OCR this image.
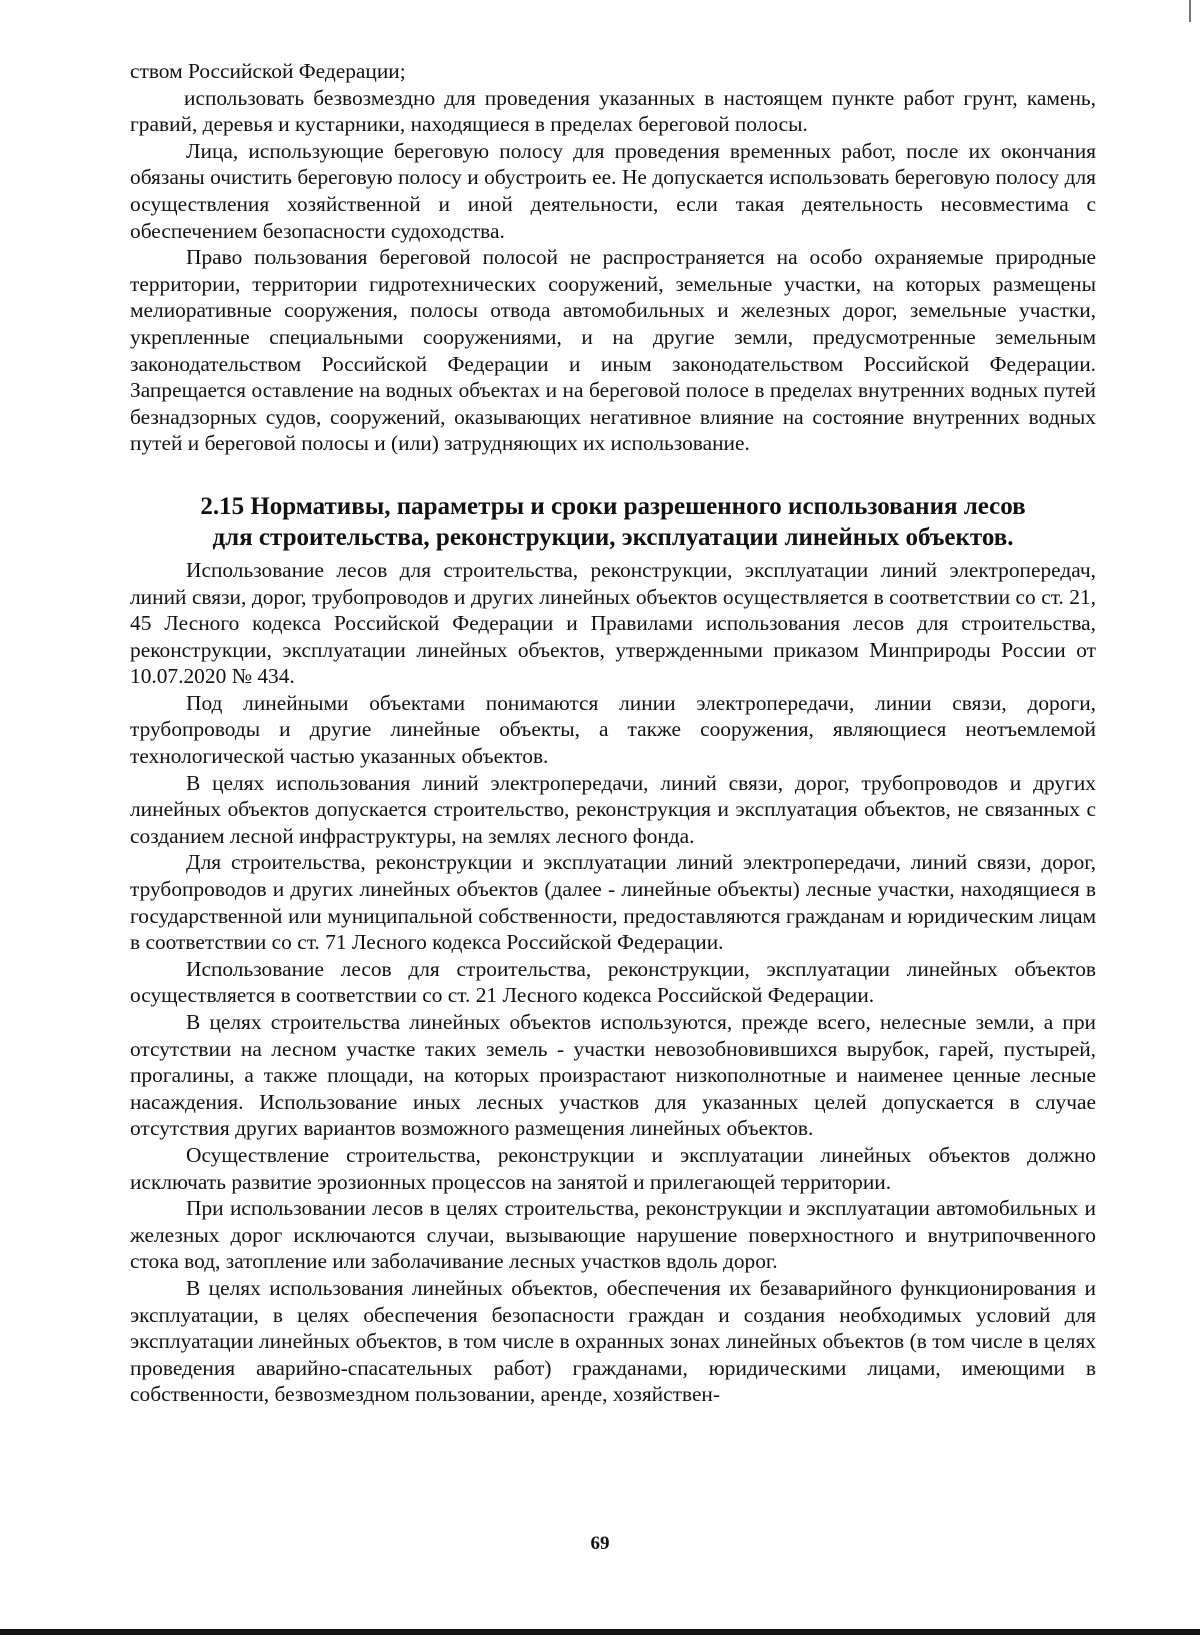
ством Российской Федерации;

использовать безвозмездно для проведения указанных в настоящем пункте работ грунт, камень, гравий, деревья и кустарники, находящиеся в пределах береговой полосы.

Лица, использующие береговую полосу для проведения временных работ, после их окончания обязаны очистить береговую полосу и обустроить ее. Не допускается использовать береговую полосу для осуществления хозяйственной и иной деятельности, если такая деятельность несовместима с обеспечением безопасности судоходства.

Право пользования береговой полосой не распространяется на особо охраняемые природные территории, территории гидротехнических сооружений, земельные участки, на которых размещены мелиоративные сооружения, полосы отвода автомобильных и железных дорог, земельные участки, укрепленные специальными сооружениями, и на другие земли, предусмотренные земельным законодательством Российской Федерации и иным законодательством Российской Федерации. Запрещается оставление на водных объектах и на береговой полосе в пределах внутренних водных путей безнадзорных судов, сооружений, оказывающих негативное влияние на состояние внутренних водных путей и береговой полосы и (или) затрудняющих их использование.

2.15 Нормативы, параметры и сроки разрешенного использования лесов
для строительства, реконструкции, эксплуатации линейных объектов.

Использование лесов для строительства, реконструкции, эксплуатации линий электропередач, линий связи, дорог, трубопроводов и других линейных объектов осуществляется в соответствии со ст. 21, 45 Лесного кодекса Российской Федерации и Правилами использования лесов для строительства, реконструкции, эксплуатации линейных объектов, утвержденными приказом Минприроды России от 10.07.2020 № 434.

Под линейными объектами понимаются линии электропередачи, линии связи, дороги, трубопроводы и другие линейные объекты, а также сооружения, являющиеся неотъемлемой технологической частью указанных объектов.

В целях использования линий электропередачи, линий связи, дорог, трубопроводов и других линейных объектов допускается строительство, реконструкция и эксплуатация объектов, не связанных с созданием лесной инфраструктуры, на землях лесного фонда.

Для строительства, реконструкции и эксплуатации линий электропередачи, линий связи, дорог, трубопроводов и других линейных объектов (далее - линейные объекты) лесные участки, находящиеся в государственной или муниципальной собственности, предоставляются гражданам и юридическим лицам в соответствии со ст. 71 Лесного кодекса Российской Федерации.

Использование лесов для строительства, реконструкции, эксплуатации линейных объектов осуществляется в соответствии со ст. 21 Лесного кодекса Российской Федерации.

В целях строительства линейных объектов используются, прежде всего, нелесные земли, а при отсутствии на лесном участке таких земель - участки невозобновившихся вырубок, гарей, пустырей, прогалины, а также площади, на которых произрастают низкополнотные и наименее ценные лесные насаждения. Использование иных лесных участков для указанных целей допускается в случае отсутствия других вариантов возможного размещения линейных объектов.

Осуществление строительства, реконструкции и эксплуатации линейных объектов должно исключать развитие эрозионных процессов на занятой и прилегающей территории.

При использовании лесов в целях строительства, реконструкции и эксплуатации автомобильных и железных дорог исключаются случаи, вызывающие нарушение поверхностного и внутрипочвенного стока вод, затопление или заболачивание лесных участков вдоль дорог.

В целях использования линейных объектов, обеспечения их безаварийного функционирования и эксплуатации, в целях обеспечения безопасности граждан и создания необходимых условий для эксплуатации линейных объектов, в том числе в охранных зонах линейных объектов (в том числе в целях проведения аварийно-спасательных работ) гражданами, юридическими лицами, имеющими в собственности, безвозмездном пользовании, аренде, хозяйствен-

69
